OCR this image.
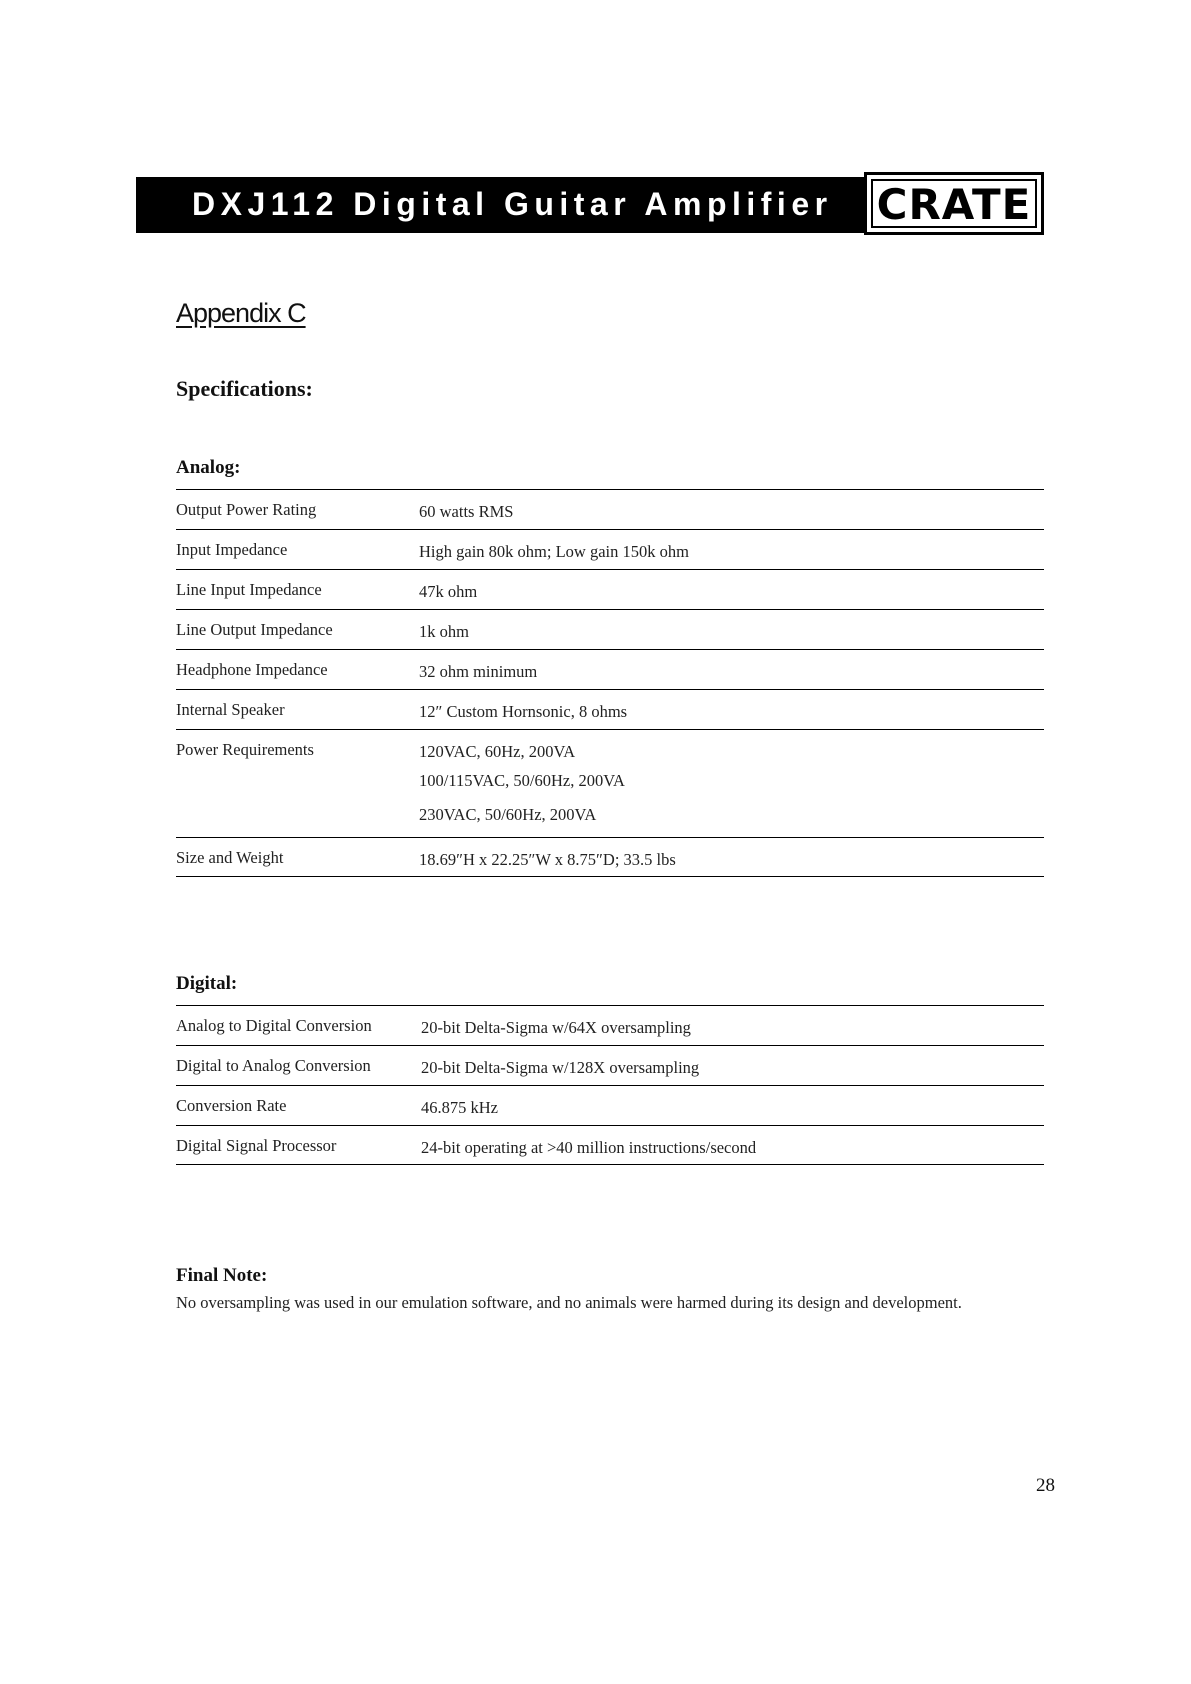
DXJ112 Digital Guitar Amplifier CRATE
Appendix C
Specifications:
Analog:
Output Power Rating	60 watts RMS
Input Impedance	High gain 80k ohm; Low gain 150k ohm
Line Input Impedance	47k ohm
Line Output Impedance	1k ohm
Headphone Impedance	32 ohm minimum
Internal Speaker	12″ Custom Hornsonic, 8 ohms
Power Requirements	120VAC, 60Hz, 200VA
100/115VAC, 50/60Hz, 200VA
230VAC, 50/60Hz, 200VA
Size and Weight	18.69″H x 22.25″W x 8.75″D; 33.5 lbs
Digital:
Analog to Digital Conversion	20-bit Delta-Sigma w/64X oversampling
Digital to Analog Conversion	20-bit Delta-Sigma w/128X oversampling
Conversion Rate	46.875 kHz
Digital Signal Processor	24-bit operating at >40 million instructions/second
Final Note:
No oversampling was used in our emulation software, and no animals were harmed during its design and development.
28
